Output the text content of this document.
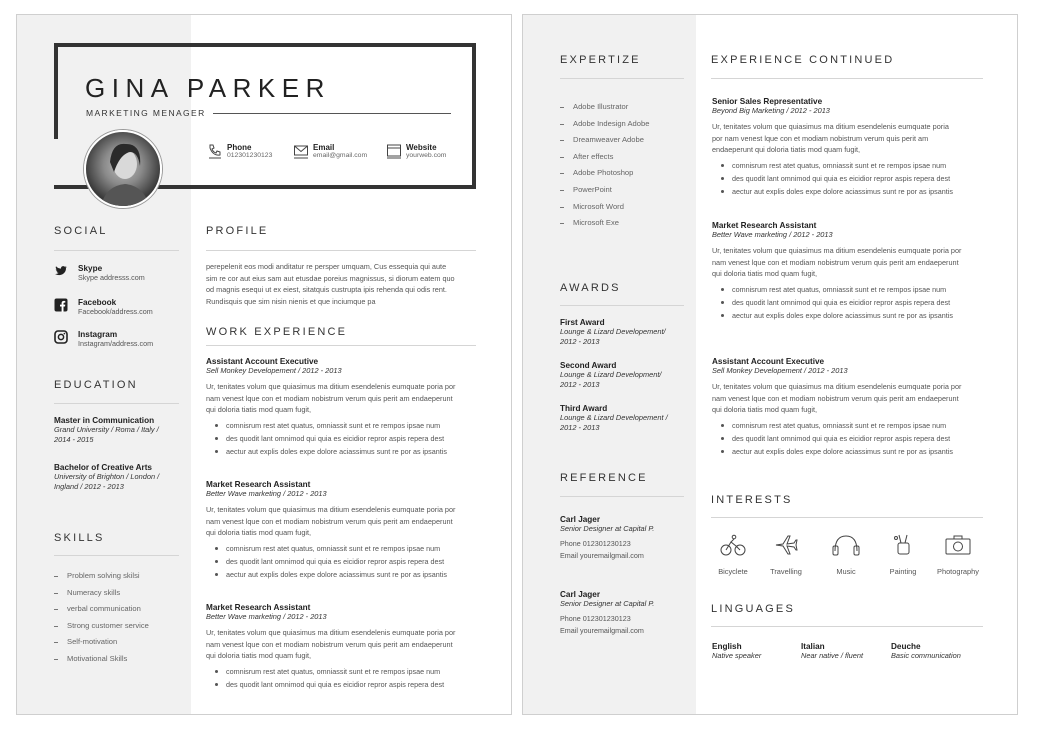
GINA PARKER
MARKETING MENAGER
Phone
012301230123
Email
email@gmail.com
Website
yourweb.com
SOCIAL
Skype
Skype addresss.com
Facebook
Facebook/address.com
Instagram
Instagram/address.com
EDUCATION
Master in Communication
Grand University / Roma / Italy /
2014 - 2015
Bachelor of Creative Arts
University of Brighton / London /
Ingland / 2012 - 2013
SKILLS
Problem solving skilsi
Numeracy skills
verbal communication
Strong customer service
Self-motivation
Motivational Skills
PROFILE
perepelenit eos modi anditatur re persper umquam, Cus essequia qui aute
sim re cor aut eius sam aut etusdae poreius magnissus, si diorum eatem quo
od magnis esequi ut ex eiest, sitatquis custrupta ipis rehenda qui odis rent.
Rundisquis que sim nisin nienis et que inciumque pa
WORK EXPERIENCE
Assistant Account Executive
Sell Monkey Developement / 2012 - 2013
Ur, tenitates volum que quiasimus ma ditium esendelenis eumquate poria por
nam venest lque con et modiam nobistrum verum quis perit am endaeperunt
qui doloria tiatis mod quam fugit,
comnisrum rest atet quatus, omniassit sunt et re rempos ipsae num
des quodit lant omnimod qui quia es eicidior repror aspis repera dest
aectur aut explis doles expe dolore aciassimus sunt re por as ipsantis
Market Research Assistant
Better Wave marketing / 2012 - 2013
Ur, tenitates volum que quiasimus ma ditium esendelenis eumquate poria por
nam venest lque con et modiam nobistrum verum quis perit am endaeperunt
qui doloria tiatis mod quam fugit,
comnisrum rest atet quatus, omniassit sunt et re rempos ipsae num
des quodit lant omnimod qui quia es eicidior repror aspis repera dest
aectur aut explis doles expe dolore aciassimus sunt re por as ipsantis
Market Research Assistant
Better Wave marketing / 2012 - 2013
Ur, tenitates volum que quiasimus ma ditium esendelenis eumquate poria por
nam venest lque con et modiam nobistrum verum quis perit am endaeperunt
qui doloria tiatis mod quam fugit,
comnisrum rest atet quatus, omniassit sunt et re rempos ipsae num
des quodit lant omnimod qui quia es eicidior repror aspis repera dest
EXPERTIZE
Adobe Illustrator
Adobe Indesign Adobe
Dreamweaver Adobe
After effects
Adobe Photoshop
PowerPoint
Microsoft Word
Microsoft Exe
AWARDS
First Award
Lounge & Lizard Developement/
2012 - 2013
Second Award
Lounge & Lizard Development/
2012 - 2013
Third Award
Lounge & Lizard Developement /
2012 - 2013
REFERENCE
Carl Jager
Senior Designer at Capital P.
Phone 012301230123
Email youremailgmail.com
Carl Jager
Senior Designer at Capital P.
Phone 012301230123
Email youremailgmail.com
EXPERIENCE CONTINUED
Senior Sales Representative
Beyond Big Marketing / 2012 - 2013
Ur, tenitates volum que quiasimus ma ditium esendelenis eumquate poria
por nam venest lque con et modiam nobistrum verum quis perit am
endaeperunt qui doloria tiatis mod quam fugit,
comnisrum rest atet quatus, omniassit sunt et re rempos ipsae num
des quodit lant omnimod qui quia es eicidior repror aspis repera dest
aectur aut explis doles expe dolore aciassimus sunt re por as ipsantis
Market Research Assistant
Better Wave marketing / 2012 - 2013
Ur, tenitates volum que quiasimus ma ditium esendelenis eumquate poria por
nam venest lque con et modiam nobistrum verum quis perit am endaeperunt
qui doloria tiatis mod quam fugit,
comnisrum rest atet quatus, omniassit sunt et re rempos ipsae num
des quodit lant omnimod qui quia es eicidior repror aspis repera dest
aectur aut explis doles expe dolore aciassimus sunt re por as ipsantis
Assistant Account Executive
Sell Monkey Developement / 2012 - 2013
Ur, tenitates volum que quiasimus ma ditium esendelenis eumquate poria por
nam venest lque con et modiam nobistrum verum quis perit am endaeperunt
qui doloria tiatis mod quam fugit,
comnisrum rest atet quatus, omniassit sunt et re rempos ipsae num
des quodit lant omnimod qui quia es eicidior repror aspis repera dest
aectur aut explis doles expe dolore aciassimus sunt re por as ipsantis
INTERESTS
Bicyclete	Travelling	Music	Painting	Photography
LINGUAGES
English
Native speaker
Italian
Near native / fluent
Deuche
Basic communication
